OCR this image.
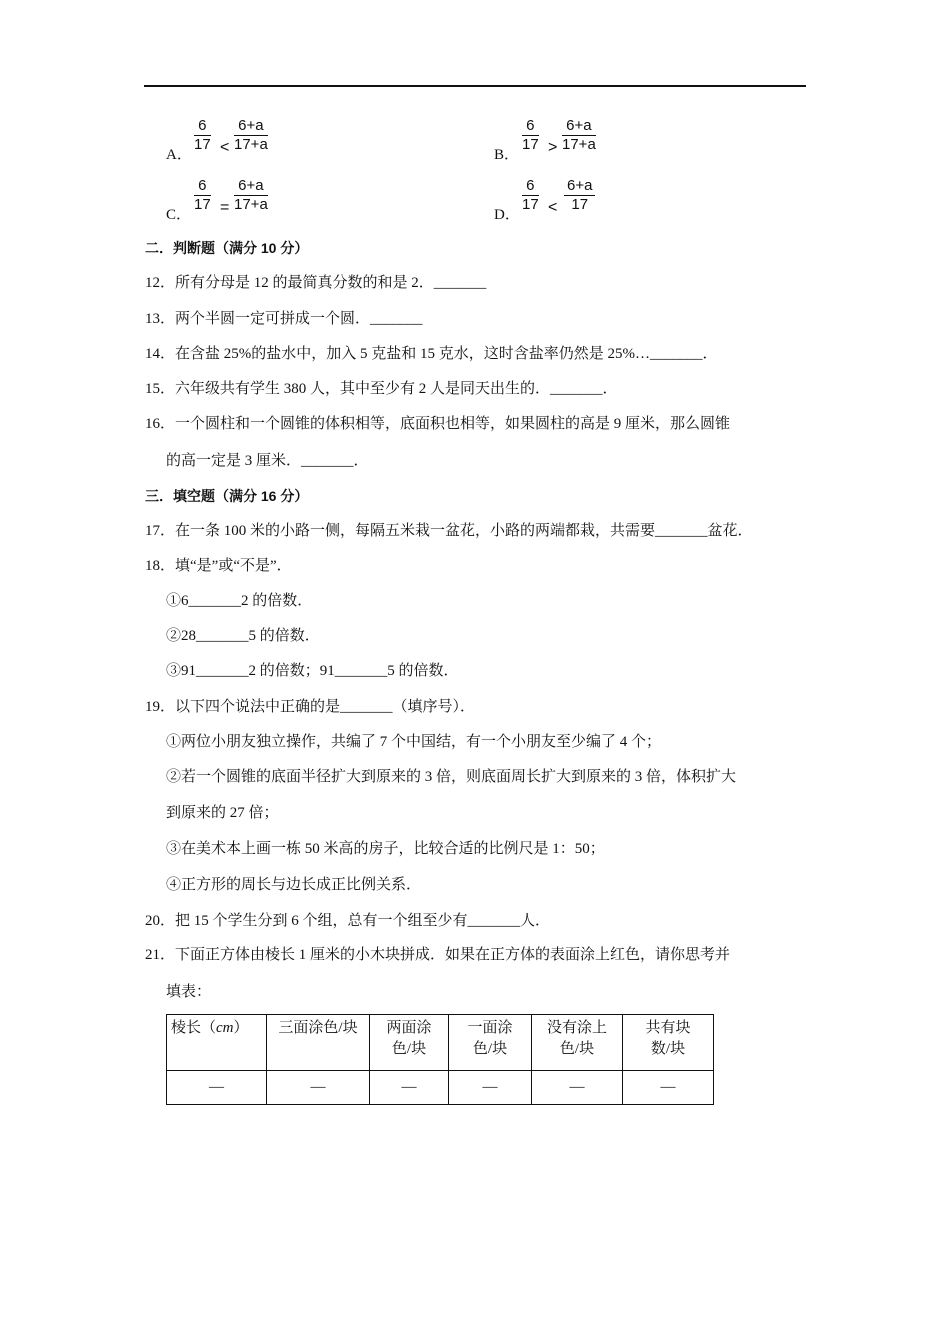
A．
$\frac{6}{17} < \frac{6+a}{17+a}$
B．
$\frac{6}{17} > \frac{6+a}{17+a}$
C．
$\frac{6}{17} = \frac{6+a}{17+a}$
D．
$\frac{6}{17} < \frac{6+a}{17}$
二．判断题（满分 10 分）
12．所有分母是 12 的最简真分数的和是 2．_______
13．两个半圆一定可拼成一个圆．_______
14．在含盐 25%的盐水中，加入 5 克盐和 15 克水，这时含盐率仍然是 25%…_______．
15．六年级共有学生 380 人，其中至少有 2 人是同天出生的．_______．
16．一个圆柱和一个圆锥的体积相等，底面积也相等，如果圆柱的高是 9 厘米，那么圆锥
的高一定是 3 厘米．_______．
三．填空题（满分 16 分）
17．在一条 100 米的小路一侧，每隔五米栽一盆花，小路的两端都栽，共需要_______盆花．
18．填“是”或“不是”．
①6_______2 的倍数．
②28_______5 的倍数．
③91_______2 的倍数；91_______5 的倍数．
19．以下四个说法中正确的是_______（填序号）．
①两位小朋友独立操作，共编了 7 个中国结，有一个小朋友至少编了 4 个；
②若一个圆锥的底面半径扩大到原来的 3 倍，则底面周长扩大到原来的 3 倍，体积扩大
到原来的 27 倍；
③在美术本上画一栋 50 米高的房子，比较合适的比例尺是 1：50；
④正方形的周长与边长成正比例关系．
20．把 15 个学生分到 6 个组，总有一个组至少有_______人．
21．下面正方体由棱长 1 厘米的小木块拼成．如果在正方体的表面涂上红色，请你思考并
填表：
棱长（cm）	三面涂色/块	两面涂
色/块	一面涂
色/块	没有涂上
色/块	共有块
数/块
—	—	—	—	—	—
